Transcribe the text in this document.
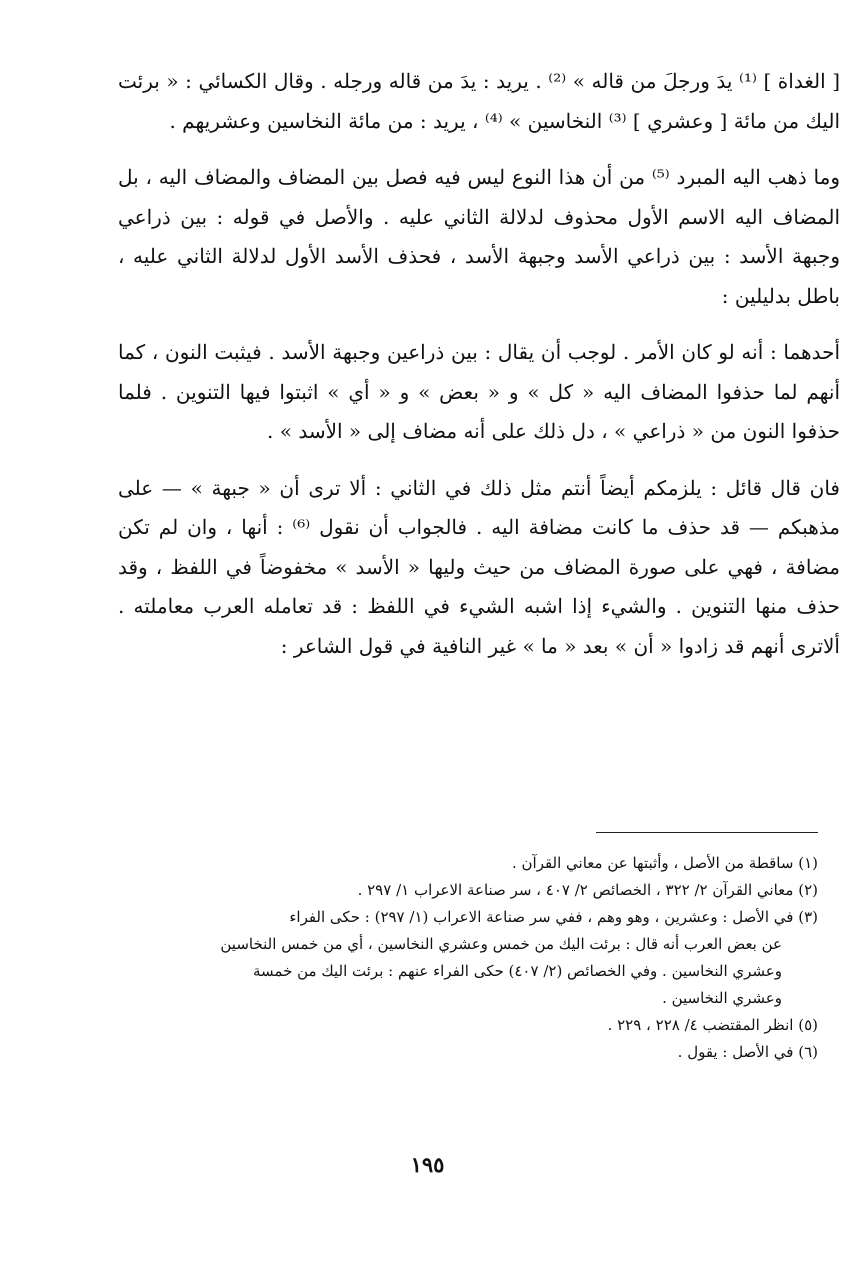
[ الغداة ] ⁽¹⁾ يدَ ورجلَ من قاله » ⁽²⁾ . يريد : يدَ من قاله ورجله . وقال الكسائي : « برئت اليك من مائة [ وعشري ] ⁽³⁾ النخاسين » ⁽⁴⁾ ، يريد : من مائة النخاسين وعشريهم .

وما ذهب اليه المبرد ⁽⁵⁾ من أن هذا النوع ليس فيه فصل بين المضاف والمضاف اليه ، بل المضاف اليه الاسم الأول محذوف لدلالة الثاني عليه . والأصل في قوله : بين ذراعي وجبهة الأسد : بين ذراعي الأسد وجبهة الأسد ، فحذف الأسد الأول لدلالة الثاني عليه ، باطل بدليلين :

أحدهما : أنه لو كان الأمر . لوجب أن يقال : بين ذراعين وجبهة الأسد . فيثبت النون ، كما أنهم لما حذفوا المضاف اليه « كل » و « بعض » و « أي » اثبتوا فيها التنوين . فلما حذفوا النون من « ذراعي » ، دل ذلك على أنه مضاف إلى « الأسد » .

فان قال قائل : يلزمكم أيضاً أنتم مثل ذلك في الثاني : ألا ترى أن « جبهة » — على مذهبكم — قد حذف ما كانت مضافة اليه . فالجواب أن نقول ⁽⁶⁾ : أنها ، وان لم تكن مضافة ، فهي على صورة المضاف من حيث وليها « الأسد » مخفوضاً في اللفظ ، وقد حذف منها التنوين . والشيء إذا اشبه الشيء في اللفظ : قد تعامله العرب معاملته . ألاترى أنهم قد زادوا « أن » بعد « ما » غير النافية في قول الشاعر :

(١) ساقطة من الأصل ، وأثبتها عن معاني القرآن .

(٢) معاني القرآن ٢/ ٣٢٢ ، الخصائص ٢/ ٤٠٧ ، سر صناعة الاعراب ١/ ٢٩٧ .

(٣) في الأصل : وعشرين ، وهو وهم ، ففي سر صناعة الاعراب (١/ ٢٩٧) : حكى الفراء
عن بعض العرب أنه قال : برئت اليك من خمس وعشري النخاسين ، أي من خمس النخاسين
وعشري النخاسين . وفي الخصائص (٢/ ٤٠٧) حكى الفراء عنهم : برئت اليك من خمسة
وعشري النخاسين .

(٥) انظر المقتضب ٤/ ٢٢٨ ، ٢٢٩ .

(٦) في الأصل : يقول .

١٩٥
